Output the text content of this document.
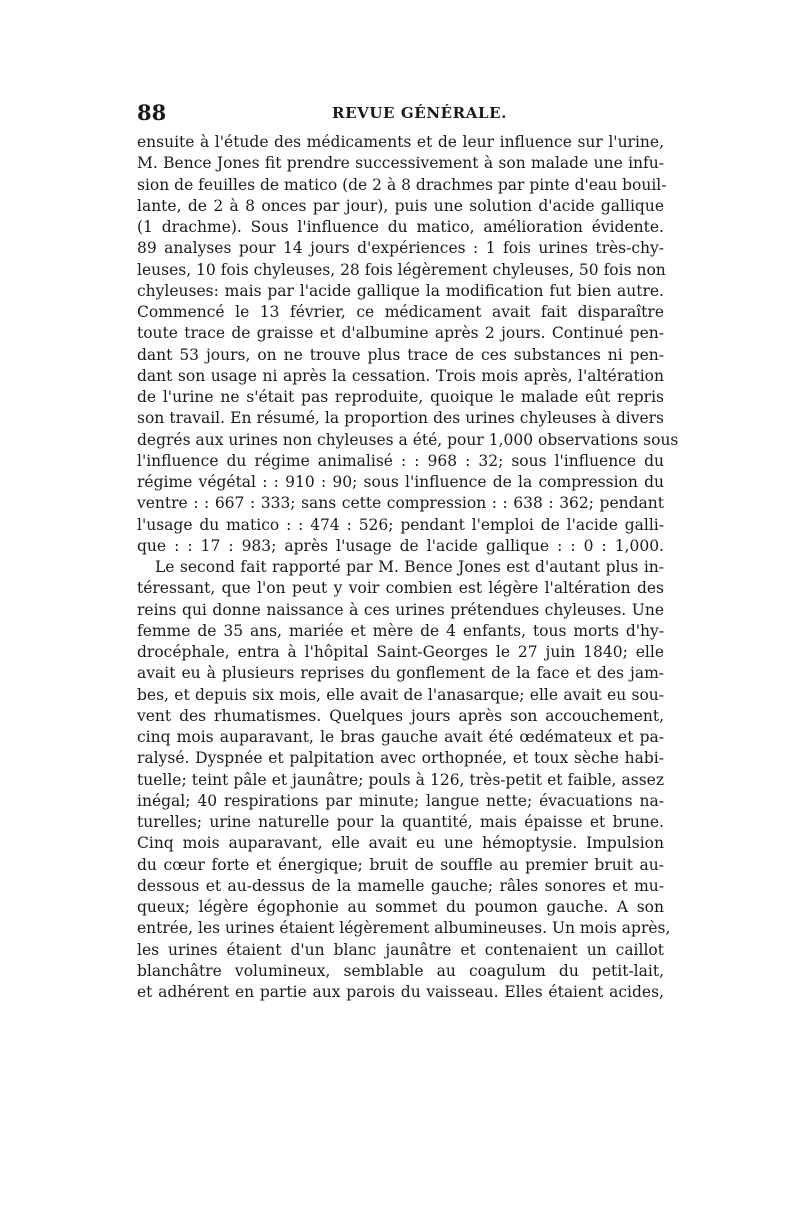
88	REVUE GÉNÉRALE.
ensuite à l'étude des médicaments et de leur influence sur l'urine,
M. Bence Jones fit prendre successivement à son malade une infu-
sion de feuilles de matico (de 2 à 8 drachmes par pinte d'eau bouil-
lante, de 2 à 8 onces par jour), puis une solution d'acide gallique
(1 drachme). Sous l'influence du matico, amélioration évidente.
89 analyses pour 14 jours d'expériences : 1 fois urines très-chy-
leuses, 10 fois chyleuses, 28 fois légèrement chyleuses, 50 fois non
chyleuses: mais par l'acide gallique la modification fut bien autre.
Commencé le 13 février, ce médicament avait fait disparaître
toute trace de graisse et d'albumine après 2 jours. Continué pen-
dant 53 jours, on ne trouve plus trace de ces substances ni pen-
dant son usage ni après la cessation. Trois mois après, l'altération
de l'urine ne s'était pas reproduite, quoique le malade eût repris
son travail. En résumé, la proportion des urines chyleuses à divers
degrés aux urines non chyleuses a été, pour 1,000 observations sous
l'influence du régime animalisé : : 968 : 32; sous l'influence du
régime végétal : : 910 : 90; sous l'influence de la compression du
ventre : : 667 : 333; sans cette compression : : 638 : 362; pendant
l'usage du matico : : 474 : 526; pendant l'emploi de l'acide galli-
que : : 17 : 983; après l'usage de l'acide gallique : : 0 : 1,000.
Le second fait rapporté par M. Bence Jones est d'autant plus in-
téressant, que l'on peut y voir combien est légère l'altération des
reins qui donne naissance à ces urines prétendues chyleuses. Une
femme de 35 ans, mariée et mère de 4 enfants, tous morts d'hy-
drocéphale, entra à l'hôpital Saint-Georges le 27 juin 1840; elle
avait eu à plusieurs reprises du gonflement de la face et des jam-
bes, et depuis six mois, elle avait de l'anasarque; elle avait eu sou-
vent des rhumatismes. Quelques jours après son accouchement,
cinq mois auparavant, le bras gauche avait été œdémateux et pa-
ralysé. Dyspnée et palpitation avec orthopnée, et toux sèche habi-
tuelle; teint pâle et jaunâtre; pouls à 126, très-petit et faible, assez
inégal; 40 respirations par minute; langue nette; évacuations na-
turelles; urine naturelle pour la quantité, mais épaisse et brune.
Cinq mois auparavant, elle avait eu une hémoptysie. Impulsion
du cœur forte et énergique; bruit de souffle au premier bruit au-
dessous et au-dessus de la mamelle gauche; râles sonores et mu-
queux; légère égophonie au sommet du poumon gauche. A son
entrée, les urines étaient légèrement albumineuses. Un mois après,
les urines étaient d'un blanc jaunâtre et contenaient un caillot
blanchâtre volumineux, semblable au coagulum du petit-lait,
et adhérent en partie aux parois du vaisseau. Elles étaient acides,
